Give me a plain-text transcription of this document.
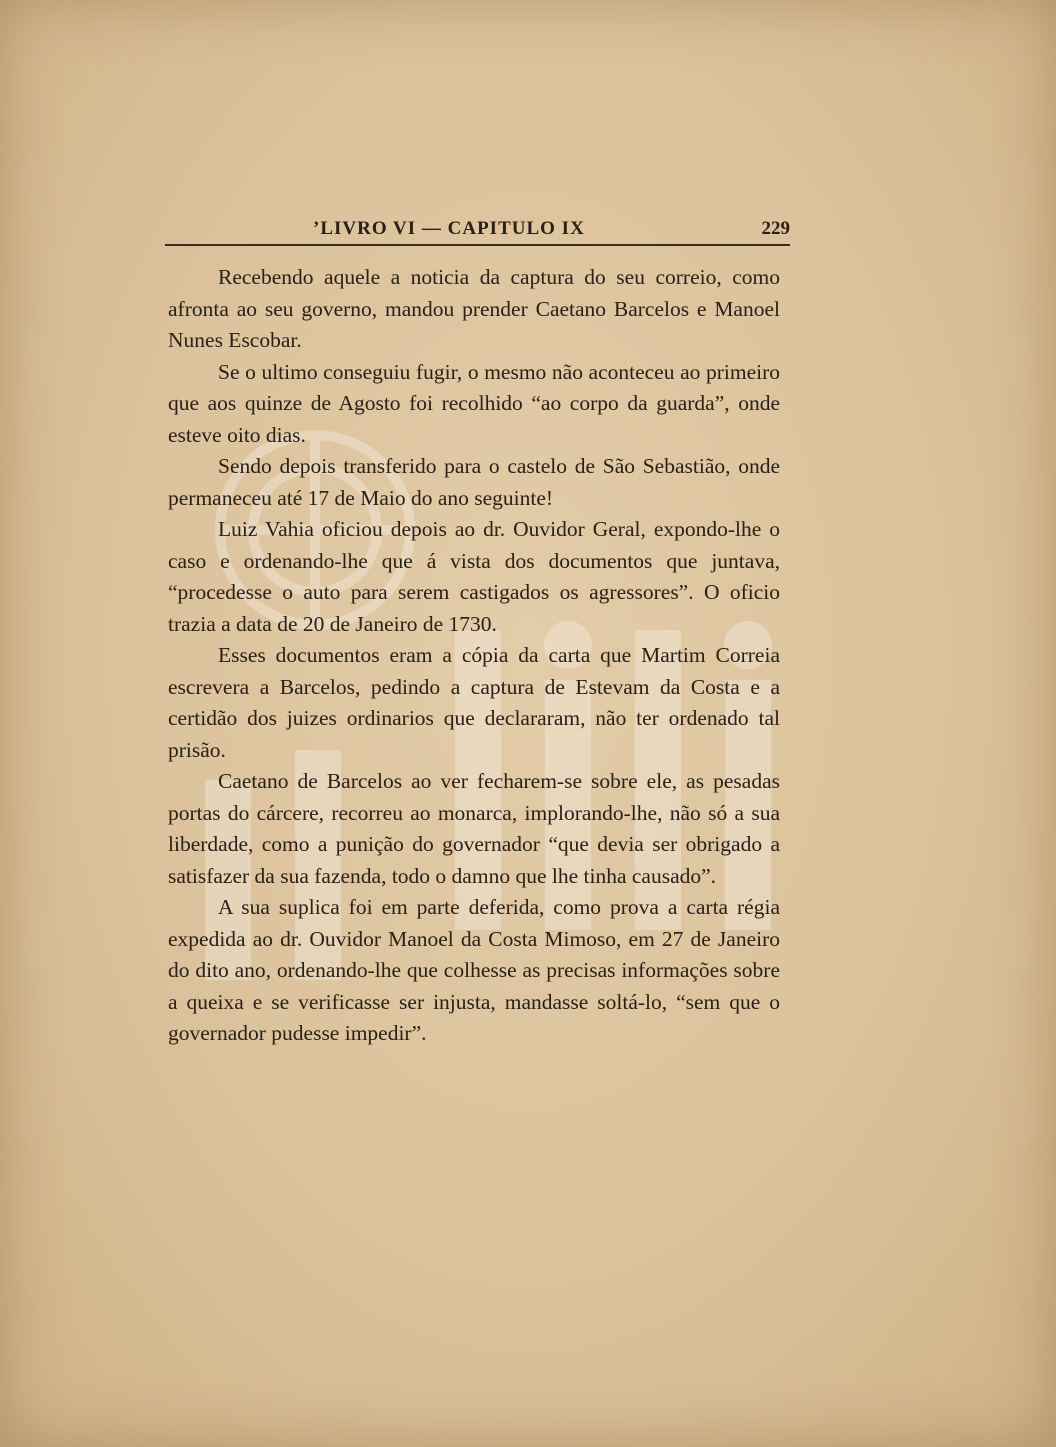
’LIVRO VI — CAPITULO IX	229

Recebendo aquele a noticia da captura do seu correio, como afronta ao seu governo, mandou prender Caetano Barcelos e Manoel Nunes Escobar.

Se o ultimo conseguiu fugir, o mesmo não aconteceu ao primeiro que aos quinze de Agosto foi recolhido “ao corpo da guarda”, onde esteve oito dias.

Sendo depois transferido para o castelo de São Sebastião, onde permaneceu até 17 de Maio do ano seguinte!

Luiz Vahia oficiou depois ao dr. Ouvidor Geral, expondo-lhe o caso e ordenando-lhe que á vista dos documentos que juntava, “procedesse o auto para serem castigados os agressores”. O oficio trazia a data de 20 de Janeiro de 1730.

Esses documentos eram a cópia da carta que Martim Correia escrevera a Barcelos, pedindo a captura de Estevam da Costa e a certidão dos juizes ordinarios que declararam, não ter ordenado tal prisão.

Caetano de Barcelos ao ver fecharem-se sobre ele, as pesadas portas do cárcere, recorreu ao monarca, implorando-lhe, não só a sua liberdade, como a punição do governador “que devia ser obrigado a satisfazer da sua fazenda, todo o damno que lhe tinha causado”.

A sua suplica foi em parte deferida, como prova a carta régia expedida ao dr. Ouvidor Manoel da Costa Mimoso, em 27 de Janeiro do dito ano, ordenando-lhe que colhesse as precisas informações sobre a queixa e se verificasse ser injusta, mandasse soltá-lo, “sem que o governador pudesse impedir”.
